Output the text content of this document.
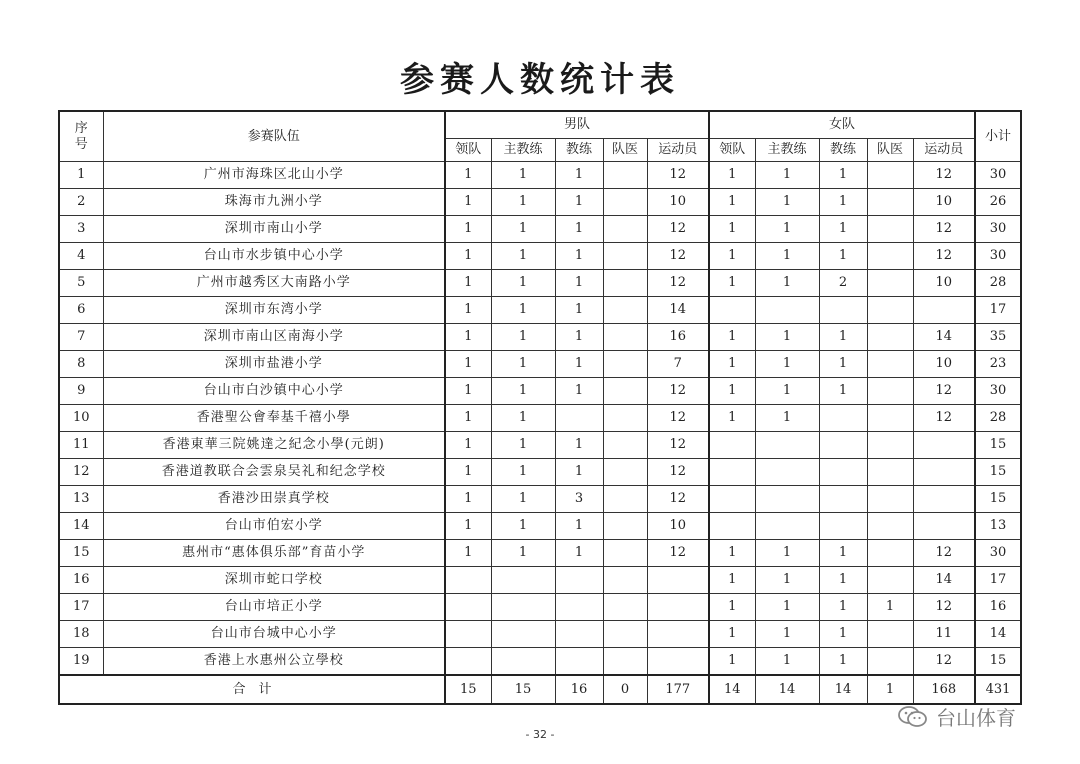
参赛人数统计表
序
号	参赛队伍	男队					女队					小计
		领队	主教练	教练	队医	运动员	领队	主教练	教练	队医	运动员	
1	广州市海珠区北山小学	1	1	1		12	1	1	1		12	30
2	珠海市九洲小学	1	1	1		10	1	1	1		10	26
3	深圳市南山小学	1	1	1		12	1	1	1		12	30
4	台山市水步镇中心小学	1	1	1		12	1	1	1		12	30
5	广州市越秀区大南路小学	1	1	1		12	1	1	2		10	28
6	深圳市东湾小学	1	1	1		14						17
7	深圳市南山区南海小学	1	1	1		16	1	1	1		14	35
8	深圳市盐港小学	1	1	1		7	1	1	1		10	23
9	台山市白沙镇中心小学	1	1	1		12	1	1	1		12	30
10	香港聖公會奉基千禧小學	1	1			12	1	1			12	28
11	香港東華三院姚達之紀念小學(元朗)	1	1	1		12						15
12	香港道教联合会雲泉吴礼和纪念学校	1	1	1		12						15
13	香港沙田崇真学校	1	1	3		12						15
14	台山市伯宏小学	1	1	1		10						13
15	惠州市“惠体俱乐部”育苗小学	1	1	1		12	1	1	1		12	30
16	深圳市蛇口学校						1	1	1		14	17
17	台山市培正小学						1	1	1	1	12	16
18	台山市台城中心小学						1	1	1		11	14
19	香港上水惠州公立學校						1	1	1		12	15
合　计		15	15	16	0	177	14	14	14	1	168	431
- 32 -
台山体育
